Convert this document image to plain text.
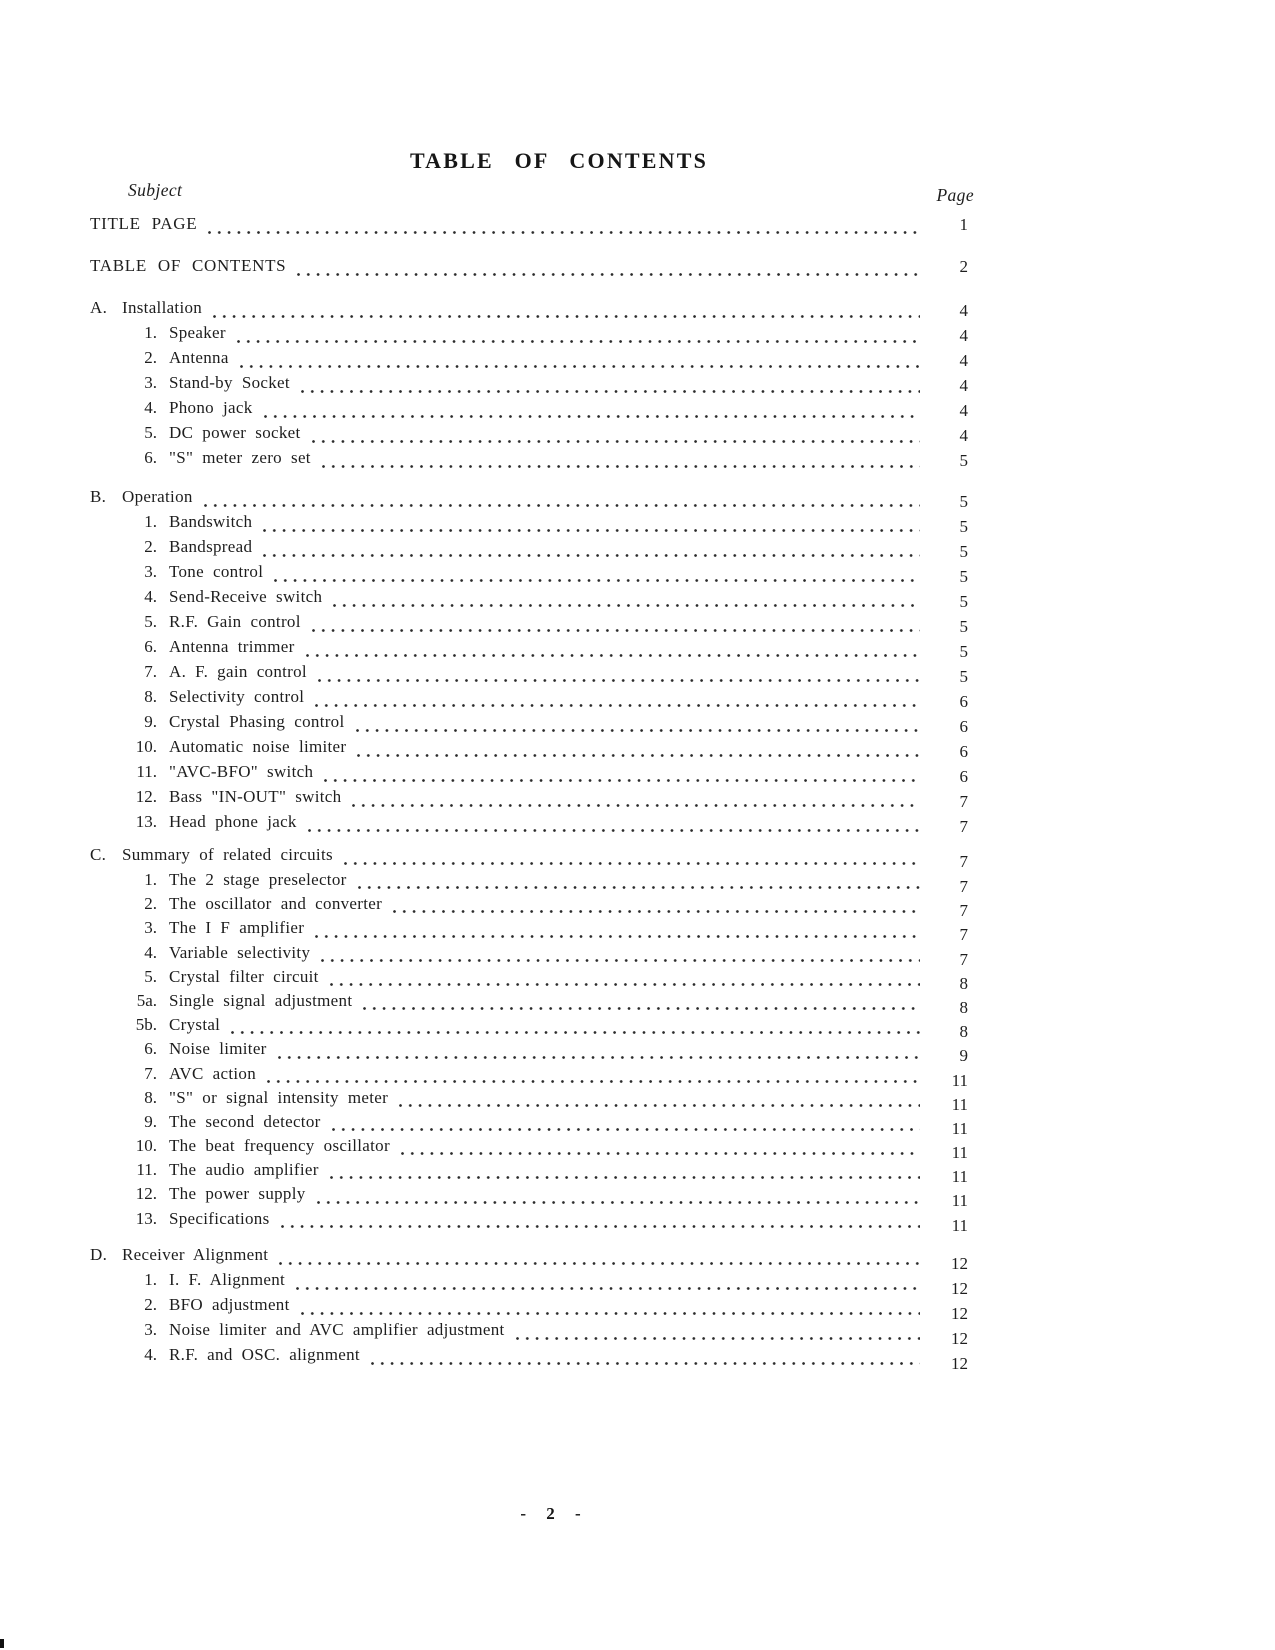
TABLE OF CONTENTS
Subject	Page
TITLE PAGE	1
TABLE OF CONTENTS	2
A. Installation	4
1. Speaker	4
2. Antenna	4
3. Stand-by Socket	4
4. Phono jack	4
5. DC power socket	4
6. "S" meter zero set	5
B. Operation	5
1. Bandswitch	5
2. Bandspread	5
3. Tone control	5
4. Send-Receive switch	5
5. R.F. Gain control	5
6. Antenna trimmer	5
7. A. F. gain control	5
8. Selectivity control	6
9. Crystal Phasing control	6
10. Automatic noise limiter	6
11. "AVC-BFO" switch	6
12. Bass "IN-OUT" switch	7
13. Head phone jack	7
C. Summary of related circuits	7
1. The 2 stage preselector	7
2. The oscillator and converter	7
3. The I F amplifier	7
4. Variable selectivity	7
5. Crystal filter circuit	8
5a. Single signal adjustment	8
5b. Crystal	8
6. Noise limiter	9
7. AVC action	11
8. "S" or signal intensity meter	11
9. The second detector	11
10. The beat frequency oscillator	11
11. The audio amplifier	11
12. The power supply	11
13. Specifications	11
D. Receiver Alignment	12
1. I. F. Alignment	12
2. BFO adjustment	12
3. Noise limiter and AVC amplifier adjustment	12
4. R.F. and OSC. alignment	12
- 2 -
